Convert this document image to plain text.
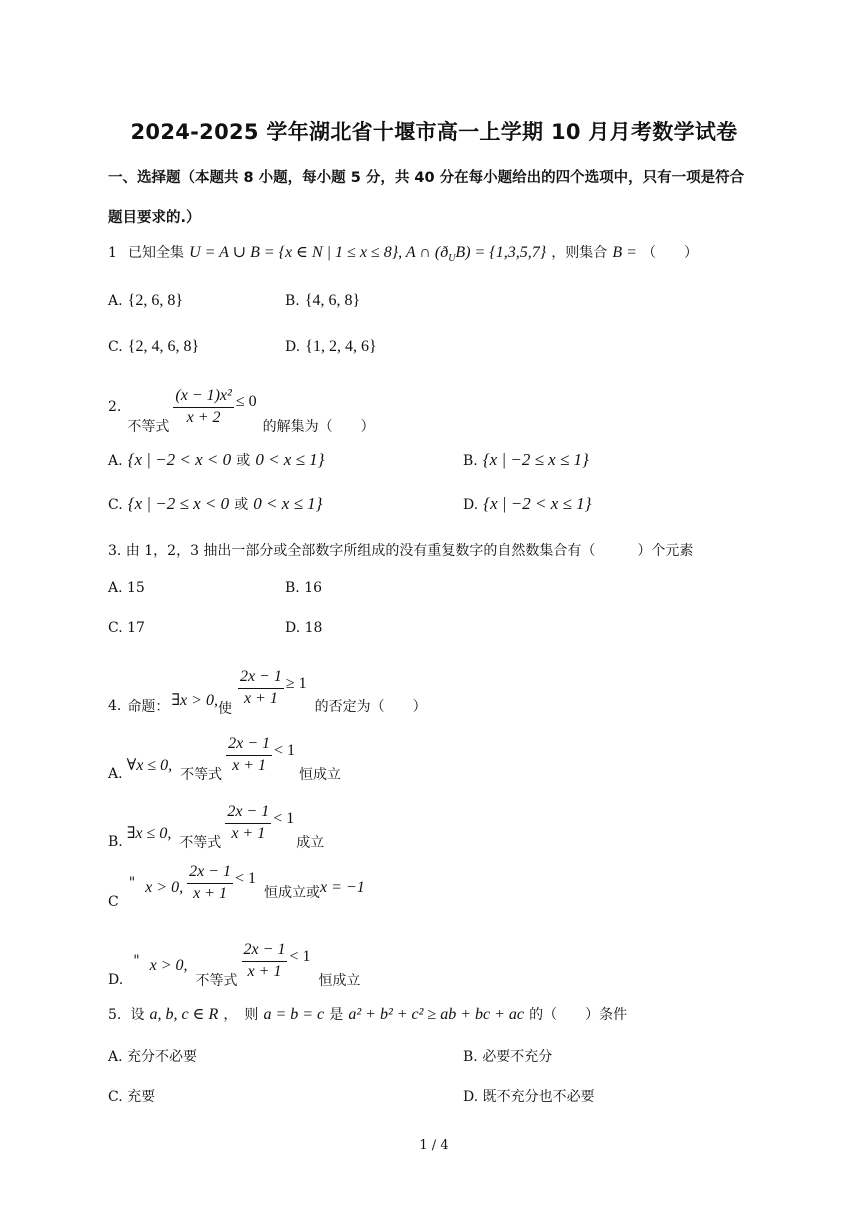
2024-2025 学年湖北省十堰市高一上学期 10 月月考数学试卷
一、选择题（本题共 8 小题，每小题 5 分，共 40 分在每小题给出的四个选项中，只有一项是符合
题目要求的.）
1 已知全集 U = A ∪ B = {x ∈ N | 1 ≤ x ≤ 8}, A ∩ $(ð_UB) = \{1,3,5,7\}$ ，则集合 B = （　　）
A. {2, 6, 8}	B. {4, 6, 8}
C. {2, 4, 6, 8}	D. {1, 2, 4, 6}
2.
不等式
$\frac{\text{(x − 1)x²}}{x + 2} \le 0$
的解集为（　　）
A. {x | −2 < x < 0 或 0 < x ≤ 1}	B. {x | −2 ≤ x ≤ 1}
C. {x | −2 ≤ x < 0 或 0 < x ≤ 1}	D. {x | −2 < x ≤ 1}
3. 由 1，2，3 抽出一部分或全部数字所组成的没有重复数字的自然数集合有（　　　）个元素
A. 15	B. 16
C. 17	D. 18
4. 命题： ∃x > 0, 使
$\frac{2x - 1}{x + 1} \ge 1$
的否定为（　　）
A. ∀x ≤ 0,
不等式
$\frac{2x - 1}{x + 1} < 1$
恒成立
B. ∃x ≤ 0,
不等式
$\frac{2x - 1}{x + 1} < 1$
成立
C
" x > 0, $\frac{2x - 1}{x + 1} < 1$
恒成立或 x = −1
D.
" x > 0,
不等式
$\frac{2x - 1}{x + 1} < 1$
恒成立
5. 设 a, b, c ∈ R ，　则 a = b = c 是 a² + b² + c² ≥ ab + bc + ac 的（　　）条件
A. 充分不必要	B. 必要不充分
C. 充要	D. 既不充分也不必要
1 / 4
